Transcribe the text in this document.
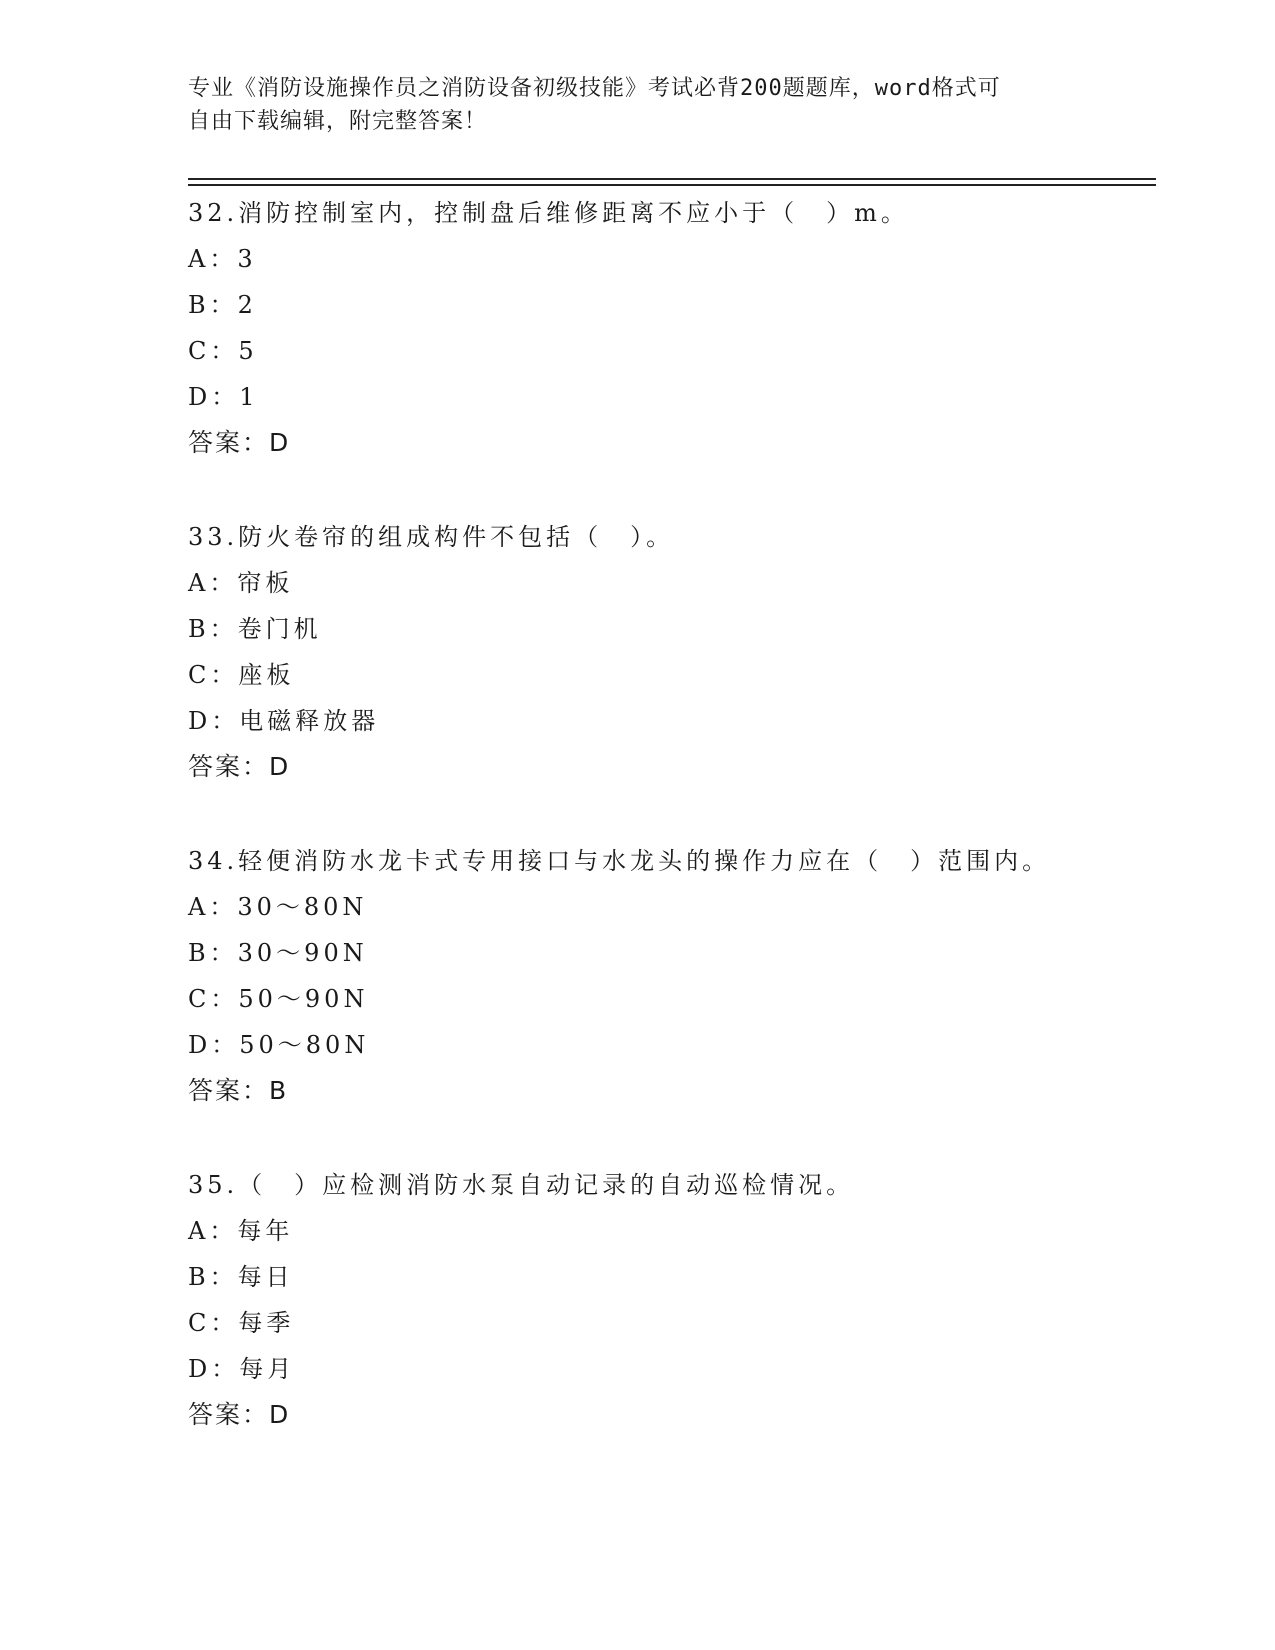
专业《消防设施操作员之消防设备初级技能》考试必背200题题库，word格式可
自由下载编辑，附完整答案！
32.消防控制室内，控制盘后维修距离不应小于（　）m。
A：3
B：2
C：5
D：1
答案：D
33.防火卷帘的组成构件不包括（　）。
A：帘板
B：卷门机
C：座板
D：电磁释放器
答案：D
34.轻便消防水龙卡式专用接口与水龙头的操作力应在（　）范围内。
A：30～80N
B：30～90N
C：50～90N
D：50～80N
答案：B
35.（　）应检测消防水泵自动记录的自动巡检情况。
A：每年
B：每日
C：每季
D：每月
答案：D
